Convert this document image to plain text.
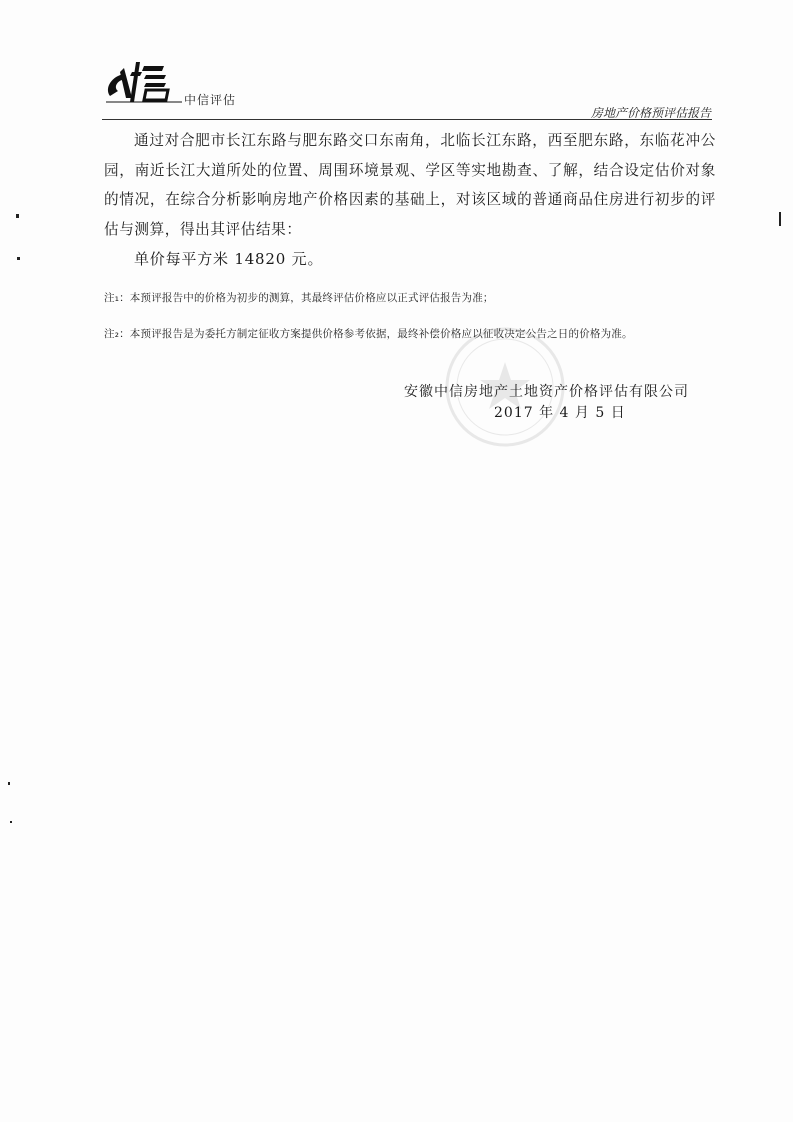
中信评估
房地产价格预评估报告
通过对合肥市长江东路与肥东路交口东南角，北临长江东路，西至肥东路，东临花冲公园，南近长江大道所处的位置、周围环境景观、学区等实地勘查、了解，结合设定估价对象的情况，在综合分析影响房地产价格因素的基础上，对该区域的普通商品住房进行初步的评估与测算，得出其评估结果：
单价每平方米 14820 元。
注₁：本预评报告中的价格为初步的测算，其最终评估价格应以正式评估报告为准；
注₂：本预评报告是为委托方制定征收方案提供价格参考依据，最终补偿价格应以征收决定公告之日的价格为准。
安徽中信房地产土地资产价格评估有限公司
2017 年 4 月 5 日
